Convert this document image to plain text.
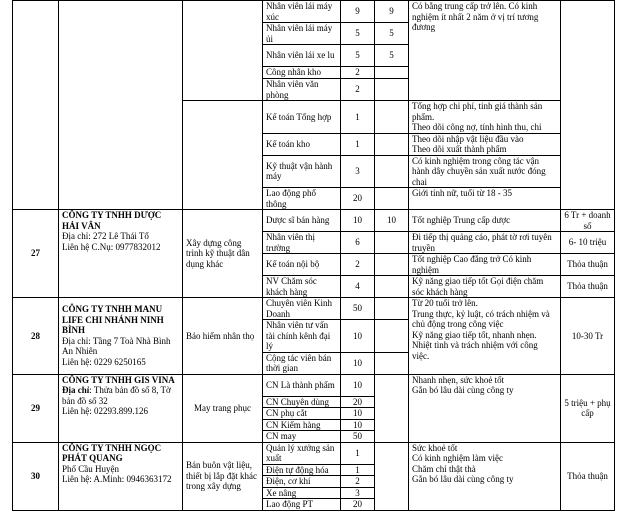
			Nhân viên lái máy xúc	9	9	Có bằng trung cấp trở lên. Có kinh nghiệm ít nhất 2 năm ở vị trí tương đương	
			Nhân viên lái máy ủi	5	5		
			Nhân viên lái xe lu	5	5		
			Công nhân kho	2			
			Nhân viên văn phòng	2			
			Kế toán Tổng hợp	1		Tổng hợp chi phí, tính giá thành sản phẩm.
Theo dõi công nợ, tính hình thu, chi	

			Kế toán kho	1		Theo dõi nhập vật liệu đầu vào
Theo dõi xuất thành phẩm	

			Kỹ thuật vận hành máy	3		Có kinh nghiệm trong công tác vận hành dây chuyền sản xuất nước đóng chai	
			Lao động phổ thông	20		Giới tính nữ, tuổi từ 18 - 35	
27	CÔNG TY TNHH DƯỢC HẢI VÂN
Địa chỉ: 272 Lê Thái Tổ
Liên hệ C.Nụ: 0977832012	Xây dựng công trình kỹ thuật dân dụng khác	Dược sĩ bán hàng	10	10	Tốt nghiệp Trung cấp dược	6 Tr + doanh số
			Nhân viên thị trường	6		Đi tiếp thị quảng cáo, phát tờ rơi tuyên truyền	6- 10 triệu
			Kế toán nội bộ	2		Tốt nghiệp Cao đẳng trở Có kinh nghiệm	Thỏa thuận
			NV Chăm sóc khách hàng	4		Kỹ năng giao tiếp tốt Gọi điện chăm sóc khách hàng	Thỏa thuận
28	CÔNG TY TNHH MANU LIFE CHI NHÁNH NINH BÌNH
Địa chỉ: Tầng 7 Toà Nhà Bình An Nhiên
Liên hệ: 0229 6250165	Bảo hiểm nhân thọ	Chuyên viên Kinh Doanh	50		Từ 20 tuổi trở lên.
Trung thực, kỷ luật, có trách nhiệm và chủ động trong công việc
Kỹ năng giao tiếp tốt, nhanh nhẹn. Nhiệt tình và trách nhiệm với công việc.	10-30 Tr
			Nhân viên tư vấn tài chính kênh đại lý	10			
			Cộng tác viên bán thời gian	10			
29	CÔNG TY TNHH GIS VINA
Địa chỉ: Thửa bản đồ số 8, Tờ bản đồ số 32
Liên hệ: 02293.899.126	May trang phục	CN Là thành phẩm	10		Nhanh nhẹn, sức khoẻ tốt
Gắn bó lâu dài cùng công ty	5 triệu + phụ cấp
			CN Chuyên dùng	20			
			CN phụ cắt	10			
			CN Kiểm hàng	10			
			CN may	50			
30	CÔNG TY TNHH NGỌC PHÁT QUANG
Phố Cầu Huyện
Liên hệ: A.Minh: 0946363172	Bán buôn vật liệu, thiết bị lắp đặt khác trong xây dựng	Quản lý xưởng sản xuất	1		Sức khoẻ tốt
Có kinh nghiệm làm việc
Chăm chỉ thật thà
Gắn bó lâu dài cùng công ty	Thỏa thuận
			Điện tự động hóa	1			
			Điện, cơ khí	2			
			Xe nâng	3			
			Lao động PT	20			
